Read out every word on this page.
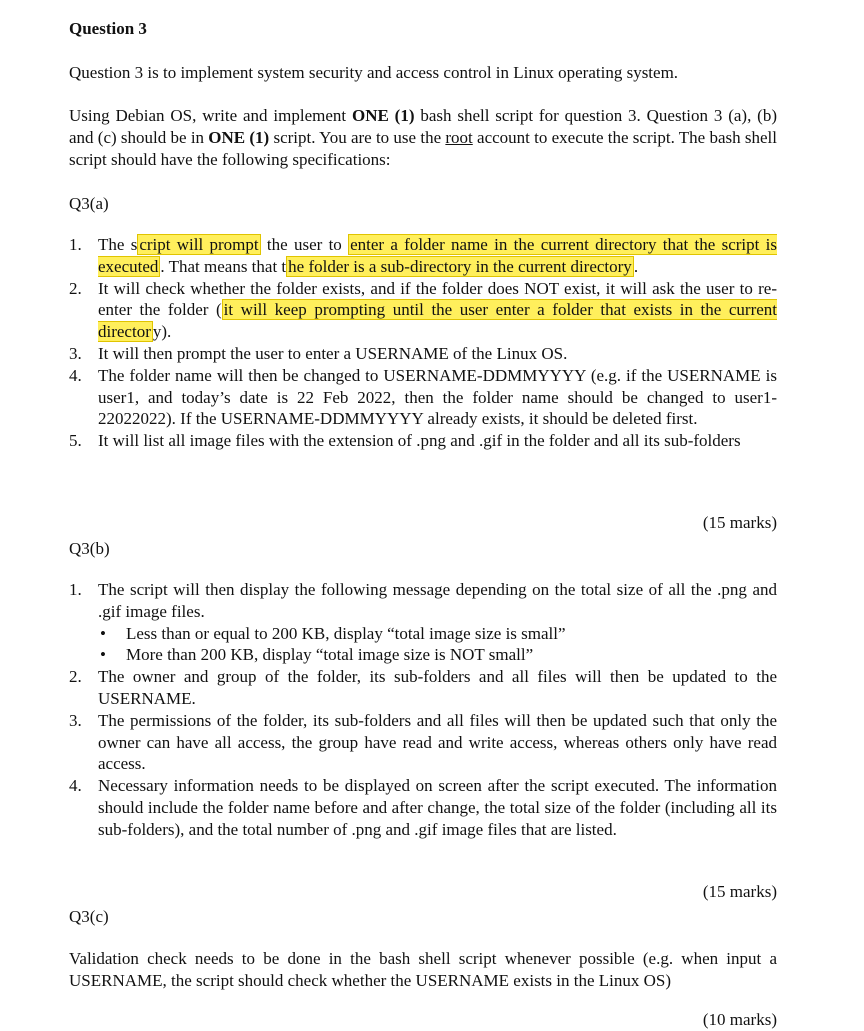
Question 3

Question 3 is to implement system security and access control in Linux operating system.

Using Debian OS, write and implement ONE (1) bash shell script for question 3. Question 3 (a), (b) and (c) should be in ONE (1) script. You are to use the root account to execute the script. The bash shell script should have the following specifications:

Q3(a)

1. The s cript will prompt the user to enter a folder name in the current directory that the script is executed . That means that t he folder is a sub-directory in the current directory .
2. It will check whether the folder exists, and if the folder does NOT exist, it will ask the user to re-enter the folder ( it will keep prompting until the user enter a folder that exists in the current director y).
3. It will then prompt the user to enter a USERNAME of the Linux OS.
4. The folder name will then be changed to USERNAME-DDMMYYYY (e.g. if the USERNAME is user1, and today’s date is 22 Feb 2022, then the folder name should be changed to user1-22022022). If the USERNAME-DDMMYYYY already exists, it should be deleted first.
5. It will list all image files with the extension of .png and .gif in the folder and all its sub-folders

(15 marks)

Q3(b)

1. The script will then display the following message depending on the total size of all the .png and .gif image files.
• Less than or equal to 200 KB, display “total image size is small”
• More than 200 KB, display “total image size is NOT small”
2. The owner and group of the folder, its sub-folders and all files will then be updated to the USERNAME.
3. The permissions of the folder, its sub-folders and all files will then be updated such that only the owner can have all access, the group have read and write access, whereas others only have read access.
4. Necessary information needs to be displayed on screen after the script executed. The information should include the folder name before and after change, the total size of the folder (including all its sub-folders), and the total number of .png and .gif image files that are listed.

(15 marks)

Q3(c)

Validation check needs to be done in the bash shell script whenever possible (e.g. when input a USERNAME, the script should check whether the USERNAME exists in the Linux OS)

(10 marks)
